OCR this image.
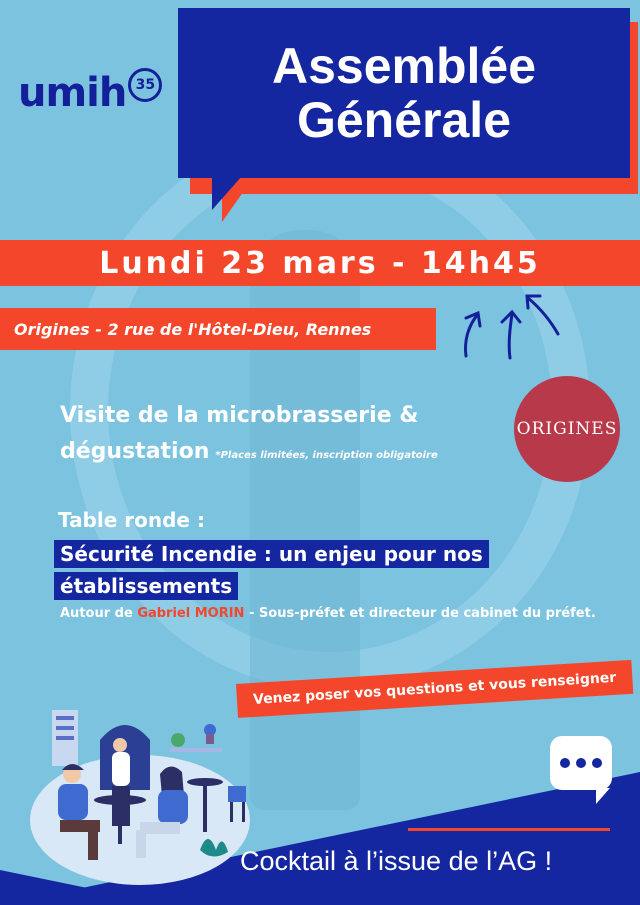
umih 35 Assemblée
Générale
Lundi 23 mars - 14h45
Origines - 2 rue de l'Hôtel-Dieu, Rennes
Visite de la microbrasserie &
dégustation *Places limitées, inscription obligatoire
ORIGINES
Table ronde :
Sécurité Incendie : un enjeu pour nos
établissements
Autour de Gabriel MORIN - Sous-préfet et directeur de cabinet du préfet.
Venez poser vos questions et vous renseigner
Cocktail à l’issue de l’AG !
